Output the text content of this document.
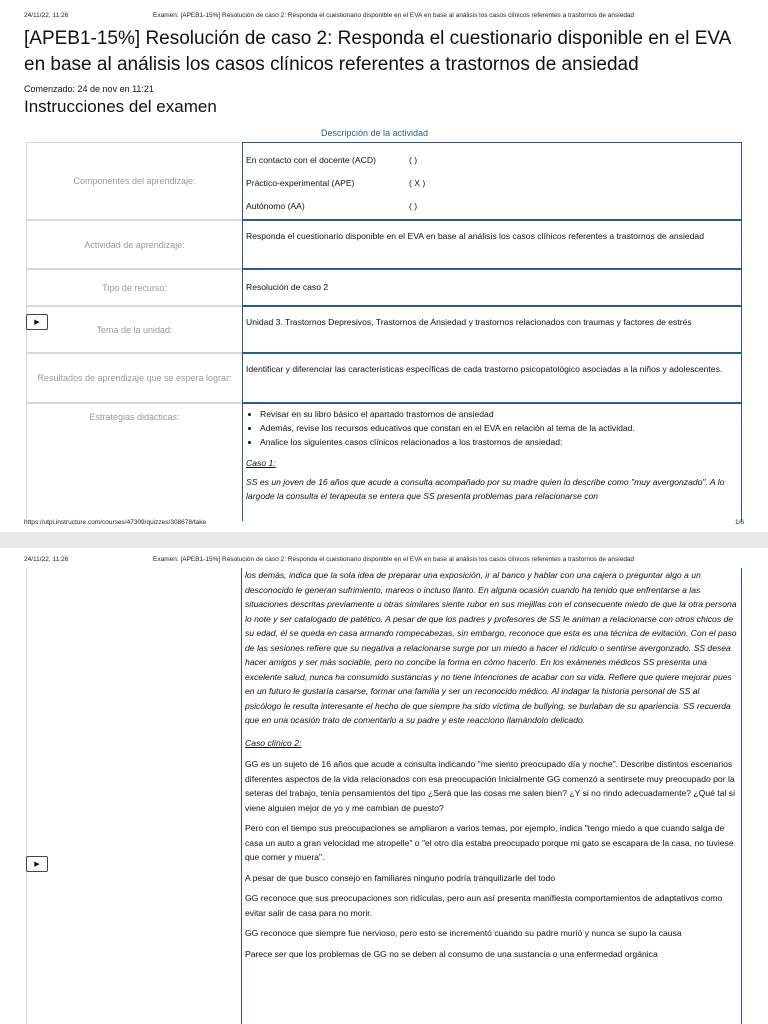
24/11/22, 11:26	Examen: [APEB1-15%] Resolución de caso 2: Responda el cuestionario disponible en el EVA en base al análisis los casos clínicos referentes a trastornos de ansiedad
[APEB1-15%] Resolución de caso 2: Responda el cuestionario disponible en el EVA en base al análisis los casos clínicos referentes a trastornos de ansiedad
Comenzado: 24 de nov en 11:21
Instrucciones del examen
Descripción de la actividad
Componentes del aprendizaje:
En contacto con el docente (ACD)	( )
Práctico-experimental (APE)	( X )
Autónomo (AA)	( )
Actividad de aprendizaje:

Responda el cuestionario disponible en el EVA en base al análisis los casos clínicos referentes a trastornos de ansiedad

Tipo de recurso:	Resolución de caso 2

Tema de la unidad:
▶	Unidad 3. Trastornos Depresivos, Trastornos de Ansiedad y trastornos relacionados con traumas y factores de estrés

Resultados de aprendizaje que se espera lograr:

Identificar y diferenciar las características específicas de cada trastorno psicopatológico asociadas a la niños y adolescentes.

Estrategias didácticas:
•	Revisar en su libro básico el apartado trastornos de ansiedad
• Además, revise los recursos educativos que constan en el EVA en relación al tema de la actividad.
• Analice los siguientes casos clínicos relacionados a los trastornos de ansiedad:

Caso 1:

SS es un joven de 16 años que acude a consulta acompañado por su madre quien lo describe como "muy avergonzado". A lo largode la consulta el terapeuta se entera que SS presenta problemas para relacionarse con

https://utpl.instructure.com/courses/47309/quizzes/308678/take	1/6
24/11/22, 11:26	Examen: [APEB1-15%] Resolución de caso 2: Responda el cuestionario disponible en el EVA en base al análisis los casos clínicos referentes a trastornos de ansiedad
▶

los demás, indica que la sola idea de preparar una exposición, ir al banco y hablar con una cajera o preguntar algo a un desconocido le generan sufrimiento, mareos o incluso llanto. En alguna ocasión cuando ha tenido que enfrentarse a las situaciones descritas previamente u otras similares siente rubor en sus mejillas con el consecuente miedo de que la otra persona lo note y ser catalogado de patético. A pesar de que los padres y profesores de SS le animan a relacionarse con otros chicos de su edad, él se queda en casa armando rompecabezas, sin embargo, reconoce que esta es una técnica de evitación. Con el paso de las sesiones refiere que su negativa a relacionarse surge por un miedo a hacer el ridículo o sentirse avergonzado. SS desea hacer amigos y ser más sociable, pero no concibe la forma en cómo hacerlo. En los exámenes médicos SS presenta una excelente salud, nunca ha consumido sustancias y no tiene intenciones de acabar con su vida. Refiere que quiere mejorar pues en un futuro le gustaría casarse, formar una familia y ser un reconocido médico. Al indagar la historia personal de SS al psicólogo le resulta interesante el hecho de que siempre ha sido víctima de bullying, se burlaban de su apariencia. SS recuerda que en una ocasión trato de comentarlo a su padre y este reacciono llamándolo delicado.

Caso clínico 2:

GG es un sujeto de 16 años que acude a consulta indicando "me siento preocupado día y noche". Describe distintos escenarios diferentes aspectos de la vida relacionados con esa preocupación Inicialmente GG comenzó a sentirsete muy preocupado por la seteras del trabajo, tenía pensamientos del tipo ¿Será que las cosas me salen bien? ¿Y si no rindo adecuadamente? ¿Qué tal si viene alguien mejor de yo y me cambian de puesto?

Pero con el tiempo sus preocupaciones se ampliaron a varios temas, por ejemplo, indica "tengo miedo a que cuando salga de casa un auto a gran velocidad me atropelle" o "el otro día estaba preocupado porque mi gato se escapara de la casa, no tuviese que comer y muera".

A pesar de que busco consejo en familiares ninguno podría tranquilizarle del todo

GG reconoce que sus preocupaciones son ridículas, pero aun así presenta manifiesta comportamientos de adaptativos como evitar salir de casa para no morir.

GG reconoce que siempre fue nervioso, pero esto se incrementó cuando su padre murió y nunca se supo la causa

Parece ser que los problemas de GG no se deben al consumo de una sustancia o una enfermedad orgánica
